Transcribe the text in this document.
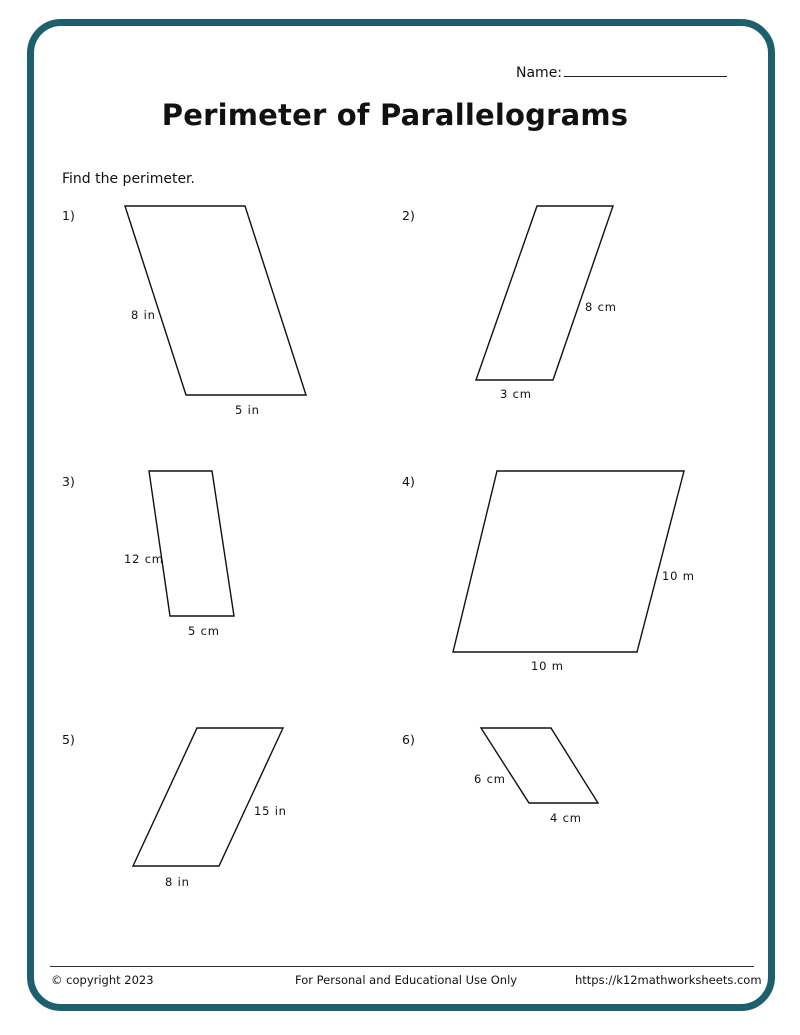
Name:
Perimeter of Parallelograms
Find the perimeter.
1)
8 in
5 in
2)
8 cm
3 cm
3)
12 cm
5 cm
4)
10 m
10 m
5)
15 in
8 in
6)
6 cm
4 cm
© copyright 2023	For Personal and Educational Use Only	https://k12mathworksheets.com
